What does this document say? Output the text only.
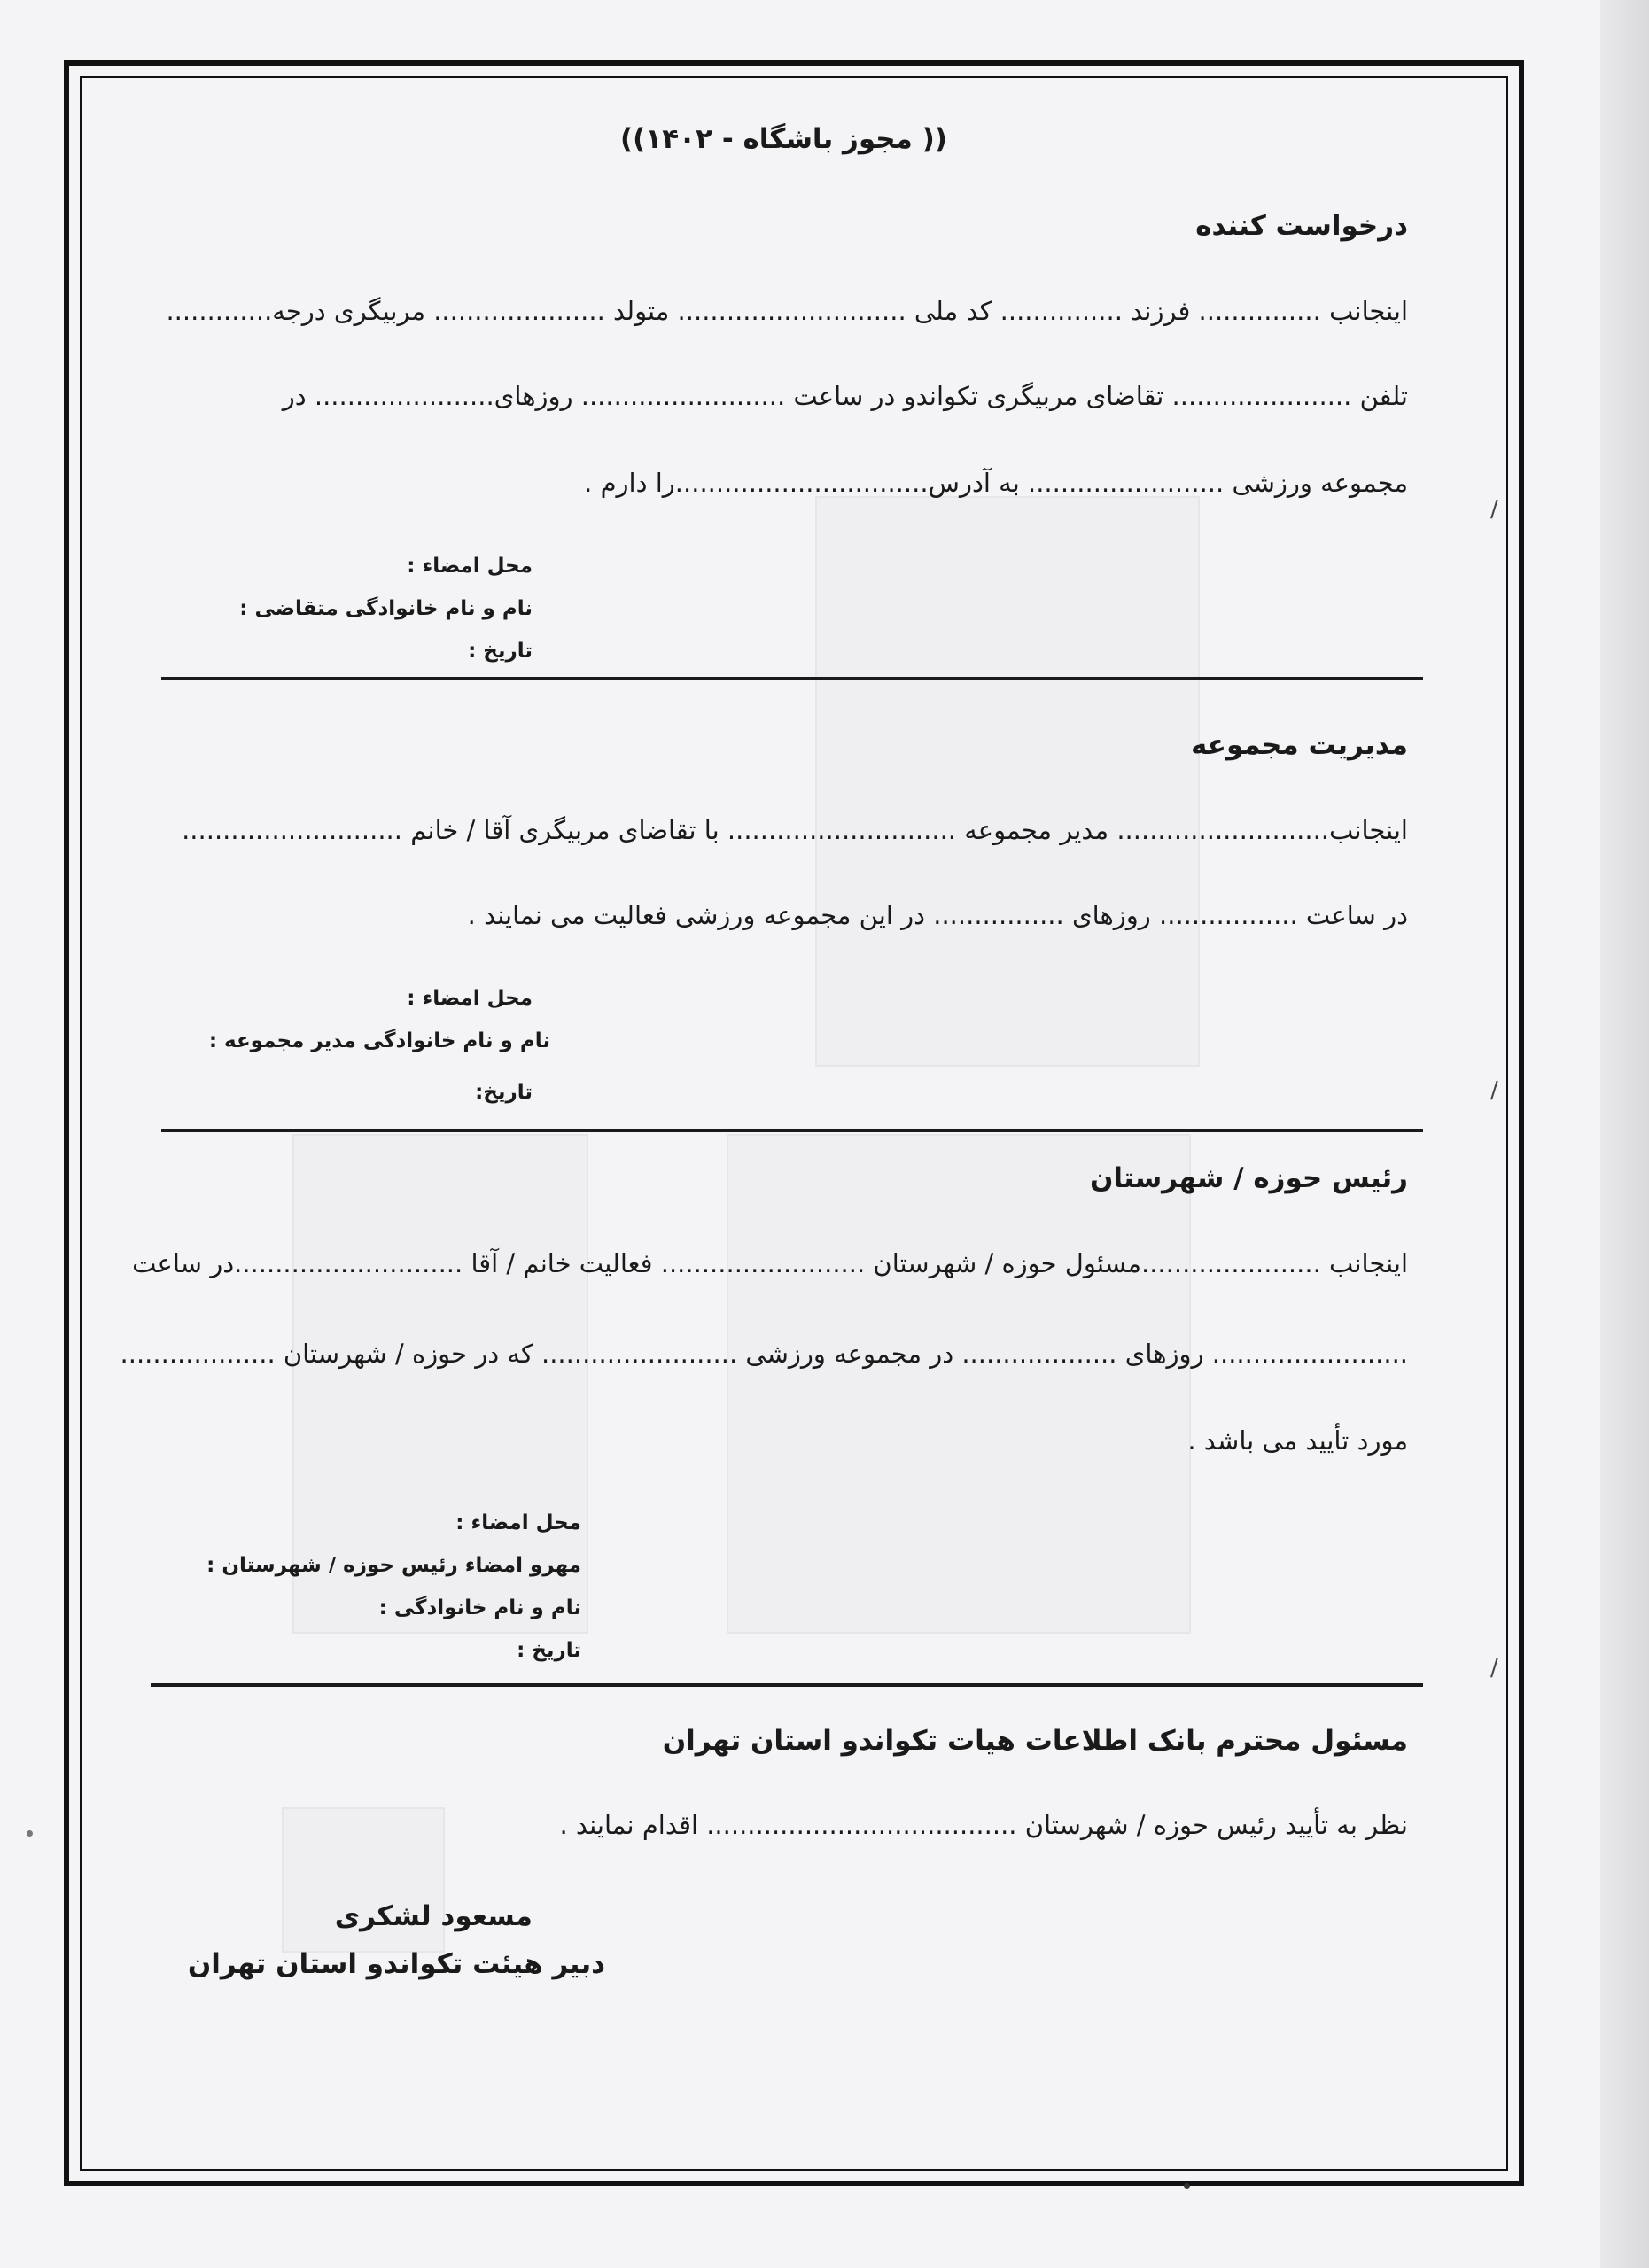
(( مجوز باشگاه - ۱۴۰۲))
درخواست کننده
اینجانب ............... فرزند ............... کد ملی ............................ متولد ..................... مربیگری درجه.............
تلفن ...................... تقاضای مربیگری تکواندو در ساعت ......................... روزهای...................... در
مجموعه ورزشی ........................ به آدرس...............................را دارم .
محل امضاء :
نام و نام خانوادگی متقاضی :
تاریخ :
/
مدیریت مجموعه
اینجانب.......................... مدیر مجموعه ............................ با تقاضای مربیگری آقا / خانم ...........................
در ساعت ................. روزهای ................ در این مجموعه ورزشی فعالیت می نمایند .
محل امضاء :
نام و نام خانوادگی مدیر مجموعه :
تاریخ:	/
رئیس حوزه / شهرستان
اینجانب ......................مسئول حوزه / شهرستان ......................... فعالیت خانم / آقا ............................در ساعت
........................ روزهای ................... در مجموعه ورزشی ........................ که در حوزه / شهرستان ...................
مورد تأیید می باشد .
محل امضاء :
مهرو امضاء رئیس حوزه / شهرستان :
نام و نام خانوادگی :
تاریخ :
/
مسئول محترم بانک اطلاعات هیات تکواندو استان تهران
نظر به تأیید رئیس حوزه / شهرستان ...................................... اقدام نمایند .
مسعود لشکری
دبیر هیئت تکواندو استان تهران
